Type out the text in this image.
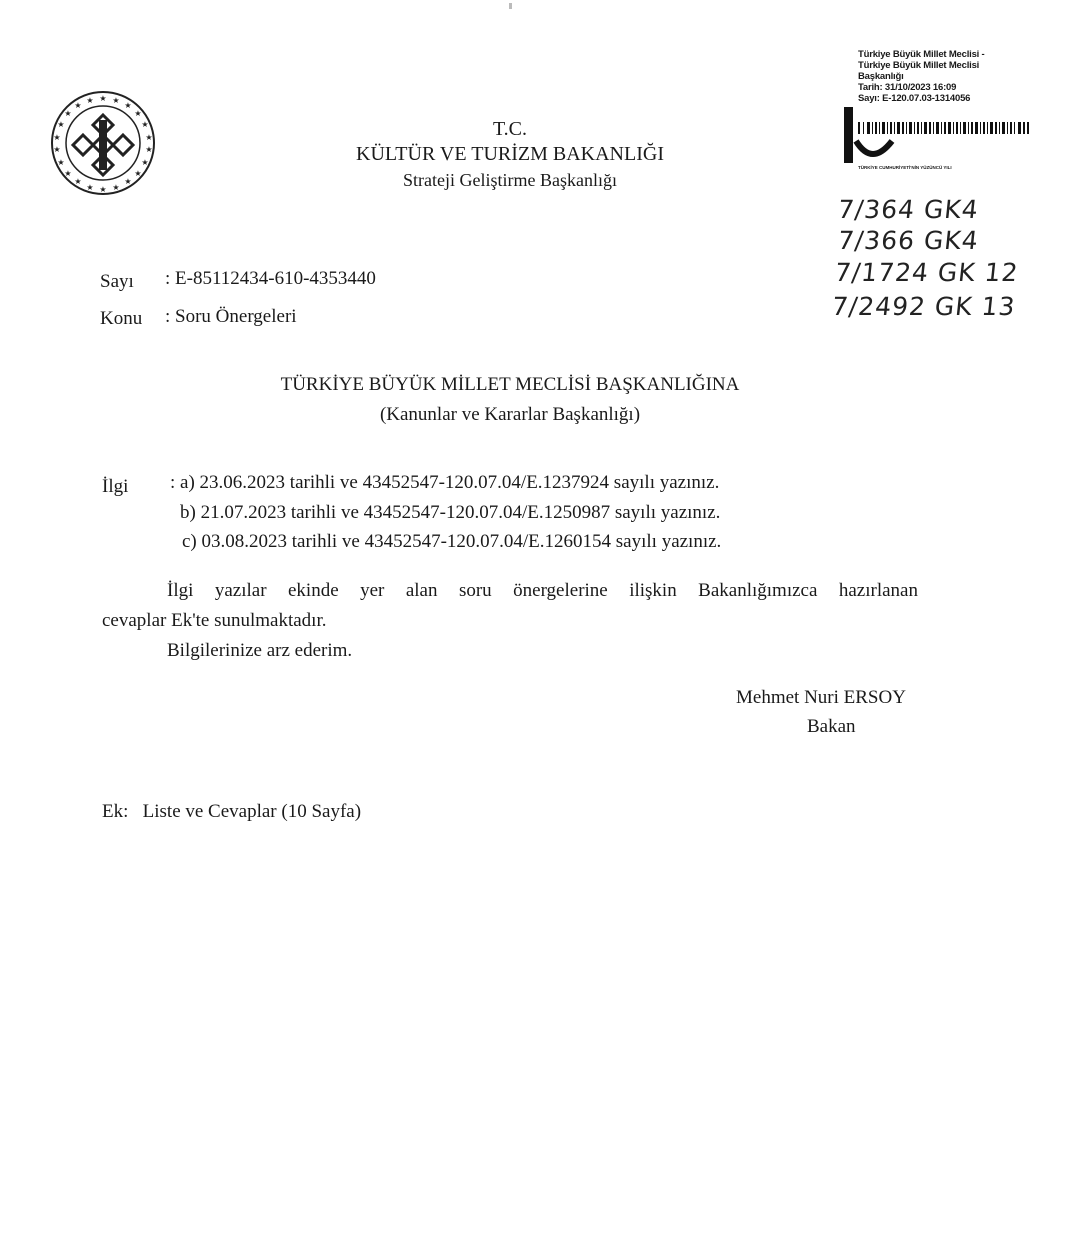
★ ★
★
★
★
★
★
★
★
★
★
★
★
★
★
★
★
★
★
★
★
★
T.C.
KÜLTÜR VE TURİZM BAKANLIĞI
Strateji Geliştirme Başkanlığı
Türkiye Büyük Millet Meclisi -
Türkiye Büyük Millet Meclisi
Başkanlığı
Tarih: 31/10/2023 16:09
Sayı: E-120.07.03-1314056
TÜRKİYE CUMHURİYETİ'NİN YÜZÜNCÜ YILI
7/364 GK4
7/366 GK4
7/1724 GK 12
7/2492 GK 13
Sayı : E-85112434-610-4353440
Konu : Soru Önergeleri
TÜRKİYE BÜYÜK MİLLET MECLİSİ BAŞKANLIĞINA
(Kanunlar ve Kararlar Başkanlığı)
İlgi : a) 23.06.2023 tarihli ve 43452547-120.07.04/E.1237924 sayılı yazınız.
b) 21.07.2023 tarihli ve 43452547-120.07.04/E.1250987 sayılı yazınız.
c) 03.08.2023 tarihli ve 43452547-120.07.04/E.1260154 sayılı yazınız.
İlgi yazılar ekinde yer alan soru önergelerine ilişkin Bakanlığımızca hazırlanan
cevaplar Ek'te sunulmaktadır.
Bilgilerinize arz ederim.
Mehmet Nuri ERSOY
Bakan
Ek:   Liste ve Cevaplar (10 Sayfa)
